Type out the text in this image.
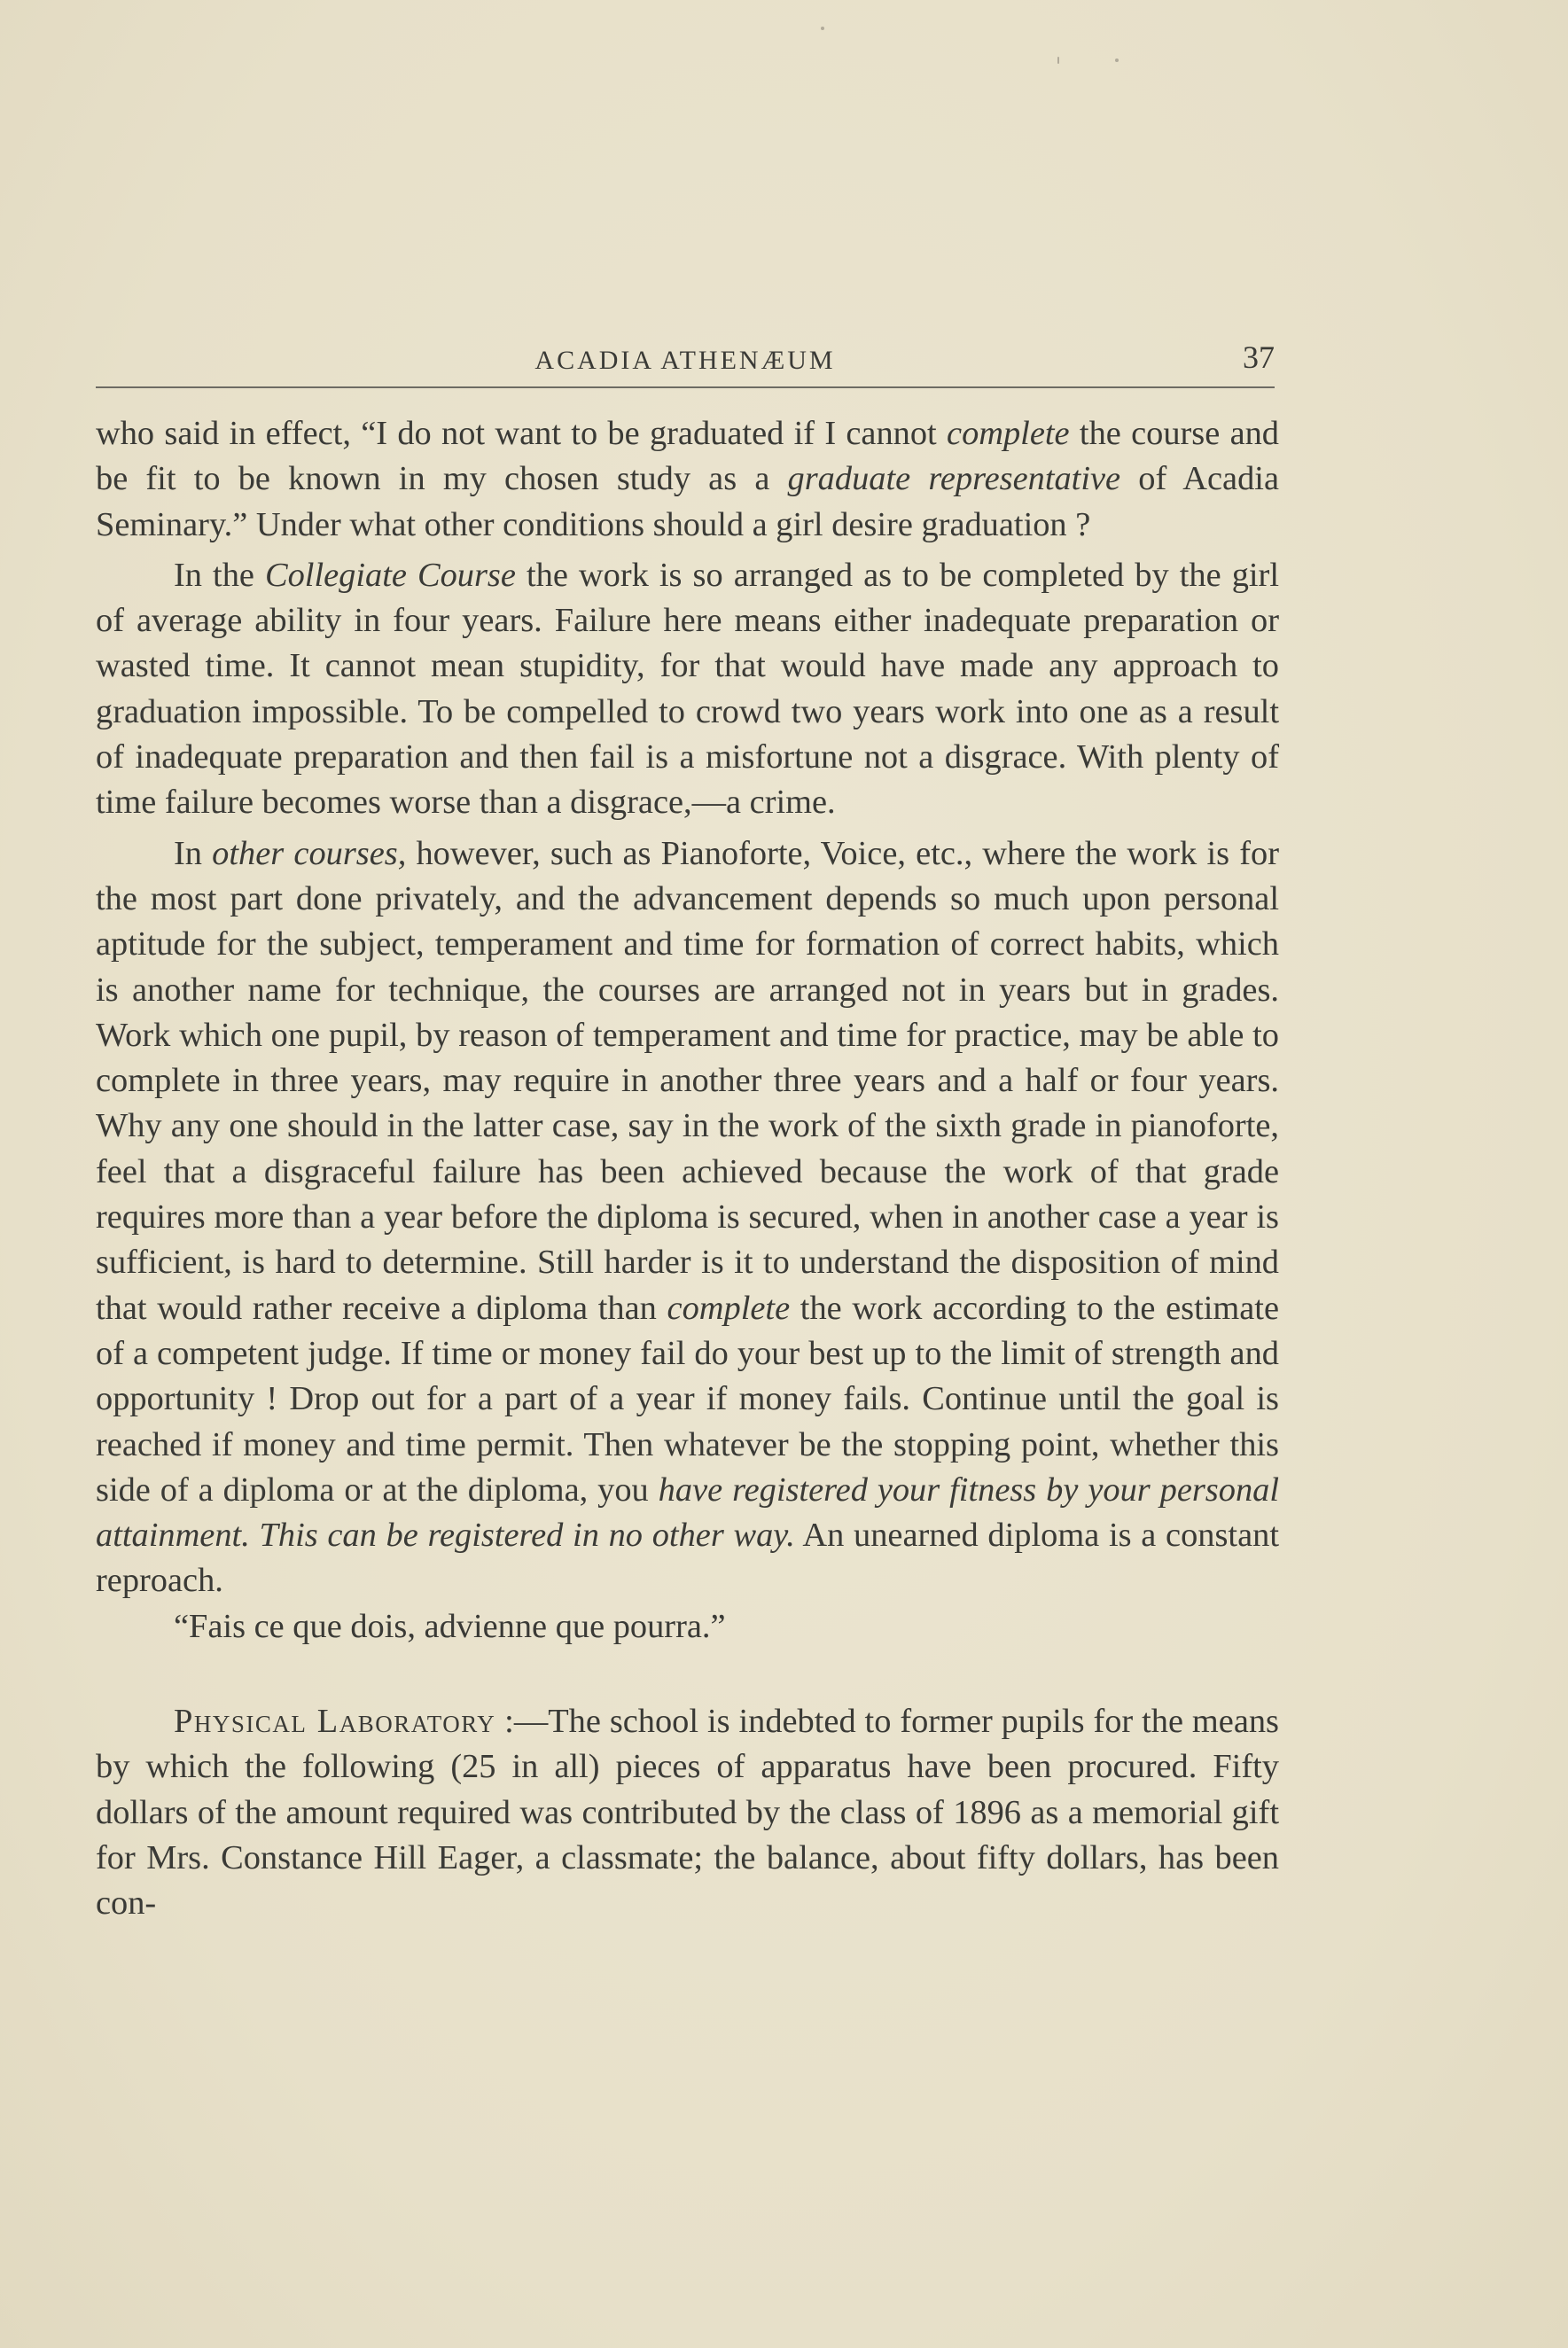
ACADIA ATHENÆUM	37

who said in effect, “I do not want to be graduated if I cannot complete the course and be fit to be known in my chosen study as a graduate representative of Acadia Seminary.” Under what other conditions should a girl desire graduation ?

In the Collegiate Course the work is so arranged as to be completed by the girl of average ability in four years. Failure here means either inadequate preparation or wasted time. It cannot mean stupidity, for that would have made any approach to graduation impossible. To be compelled to crowd two years work into one as a result of inadequate preparation and then fail is a misfortune not a disgrace. With plenty of time failure becomes worse than a disgrace,—a crime.

In other courses, however, such as Pianoforte, Voice, etc., where the work is for the most part done privately, and the advancement depends so much upon personal aptitude for the subject, temperament and time for formation of correct habits, which is another name for technique, the courses are arranged not in years but in grades. Work which one pupil, by reason of temperament and time for practice, may be able to complete in three years, may require in another three years and a half or four years. Why any one should in the latter case, say in the work of the sixth grade in pianoforte, feel that a disgraceful failure has been achieved because the work of that grade requires more than a year before the diploma is secured, when in another case a year is sufficient, is hard to determine. Still harder is it to understand the disposition of mind that would rather receive a diploma than complete the work according to the estimate of a competent judge. If time or money fail do your best up to the limit of strength and opportunity ! Drop out for a part of a year if money fails. Continue until the goal is reached if money and time permit. Then whatever be the stopping point, whether this side of a diploma or at the diploma, you have registered your fitness by your personal attainment. This can be registered in no other way. An unearned diploma is a constant reproach.

“Fais ce que dois, advienne que pourra.”

Physical Laboratory :—The school is indebted to former pupils for the means by which the following (25 in all) pieces of apparatus have been procured. Fifty dollars of the amount required was contributed by the class of 1896 as a memorial gift for Mrs. Constance Hill Eager, a classmate; the balance, about fifty dollars, has been con-
